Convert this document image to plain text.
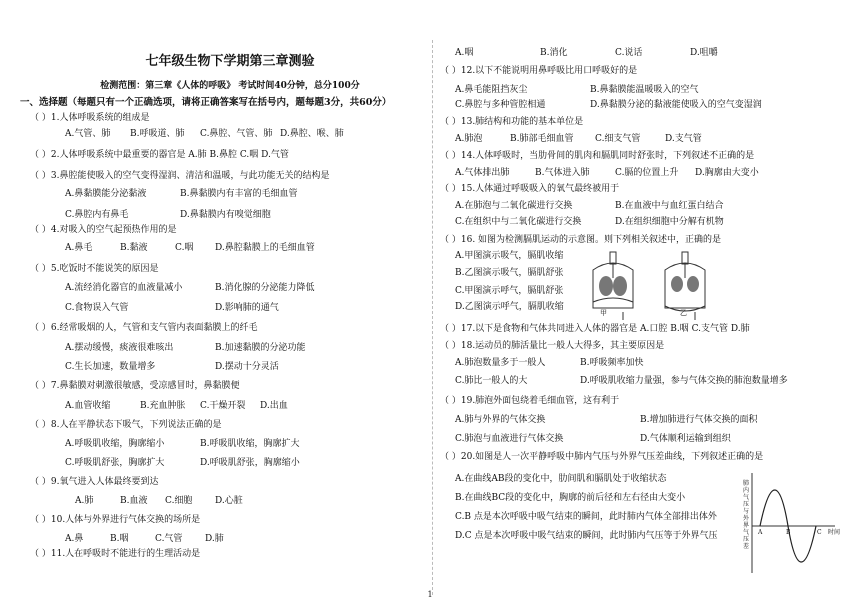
七年级生物下学期第三章测验
检测范围：第三章《人体的呼吸》 考试时间40分钟，总分100分
一、选择题（每题只有一个正确选项，请将正确答案写在括号内，题每题3分，共60分）
（ ）1.人体呼吸系统的组成是
A.气管、肺 B.呼吸道、肺 C.鼻腔、气管、肺 D.鼻腔、喉、肺
（ ）2.人体呼吸系统中最重要的器官是 A.肺 B.鼻腔 C.咽 D.气管
（ ）3.鼻腔能使吸入的空气变得湿润、清洁和温暖，与此功能无关的结构是
A.鼻黏膜能分泌黏液	B.鼻黏膜内有丰富的毛细血管
C.鼻腔内有鼻毛	D.鼻黏膜内有嗅觉细胞
（ ）4.对吸入的空气起预热作用的是
A.鼻毛	B.黏液	C.咽 D.鼻腔黏膜上的毛细血管
（ ）5.吃饭时不能说笑的原因是
A.流经消化器官的血液量减小	B.消化腺的分泌能力降低
C.食物误入气管	D.影响肺的通气
（ ）6.经常吸烟的人，气管和支气管内表面黏膜上的纤毛
A.摆动缓慢，痰液很难咳出	B.加速黏膜的分泌功能
C.生长加速，数量增多	D.摆动十分灵活
（ ）7.鼻黏膜对刺激很敏感，受凉感冒时，鼻黏膜便
A.血管收缩	B.充血肿胀 C.干燥开裂 D.出血
（ ）8.人在平静状态下吸气，下列说法正确的是
A.呼吸肌收缩，胸廓缩小	B.呼吸肌收缩，胸廓扩大
C.呼吸肌舒张，胸廓扩大	D.呼吸肌舒张，胸廓缩小
（ ）9.氧气进入人体最终要到达
A.肺	B.血液 C.细胞	D.心脏
（ ）10.人体与外界进行气体交换的场所是
A.鼻	B.咽	C.气管	D.肺
（ ）11.人在呼吸时不能进行的生理活动是
A.咽	B.消化	C.说话	D.咀嚼
（ ）12.以下不能说明用鼻呼吸比用口呼吸好的是
A.鼻毛能阻挡灰尘	B.鼻黏膜能温暖吸入的空气
C.鼻腔与多种管腔相通	D.鼻黏膜分泌的黏液能使吸入的空气变湿润
（ ）13.肺结构和功能的基本单位是
A.肺泡	B.肺部毛细血管 C.细支气管	D.支气管
（ ）14.人体呼吸时，当肋骨间的肌肉和膈肌同时舒张时，下列叙述不正确的是
A.气体排出肺	B.气体进入肺	C.膈的位置上升 D.胸廓由大变小
（ ）15.人体通过呼吸吸入的氧气最终被用于
A.在肺泡与二氧化碳进行交换	B.在血液中与血红蛋白结合
C.在组织中与二氧化碳进行交换	D.在组织细胞中分解有机物
（ ）16. 如图为检测膈肌运动的示意图。则下列相关叙述中，正确的是
A.甲图演示吸气，膈肌收缩
B.乙图演示吸气，膈肌舒张
C.甲图演示呼气，膈肌舒张
D.乙图演示呼气，膈肌收缩
甲	乙
（ ）17.以下是食物和气体共同进入人体的器官是 A.口腔 B.咽 C.支气管 D.肺
（ ）18.运动员的肺活量比一般人大得多，其主要原因是
A.肺泡数量多于一般人	B.呼吸频率加快
C.肺比一般人的大	D.呼吸肌收缩力量强，参与气体交换的肺泡数量增多
（ ）19.肺泡外面包绕着毛细血管，这有利于
A.肺与外界的气体交换	B.增加肺进行气体交换的面积
C.肺泡与血液进行气体交换	D.气体顺利运输到组织
（ ）20.如图是人一次平静呼吸中肺内气压与外界气压差曲线，下列叙述正确的是
A.在曲线AB段的变化中，肋间肌和膈肌处于收缩状态
B.在曲线BC段的变化中，胸廓的前后径和左右径由大变小
C.B 点是本次呼吸中吸气结束的瞬间，此时肺内气体全部排出体外
D.C 点是本次呼吸中吸气结束的瞬间，此时肺内气压等于外界气压
肺内气压与外界气压差
A	B	C 时间
1
